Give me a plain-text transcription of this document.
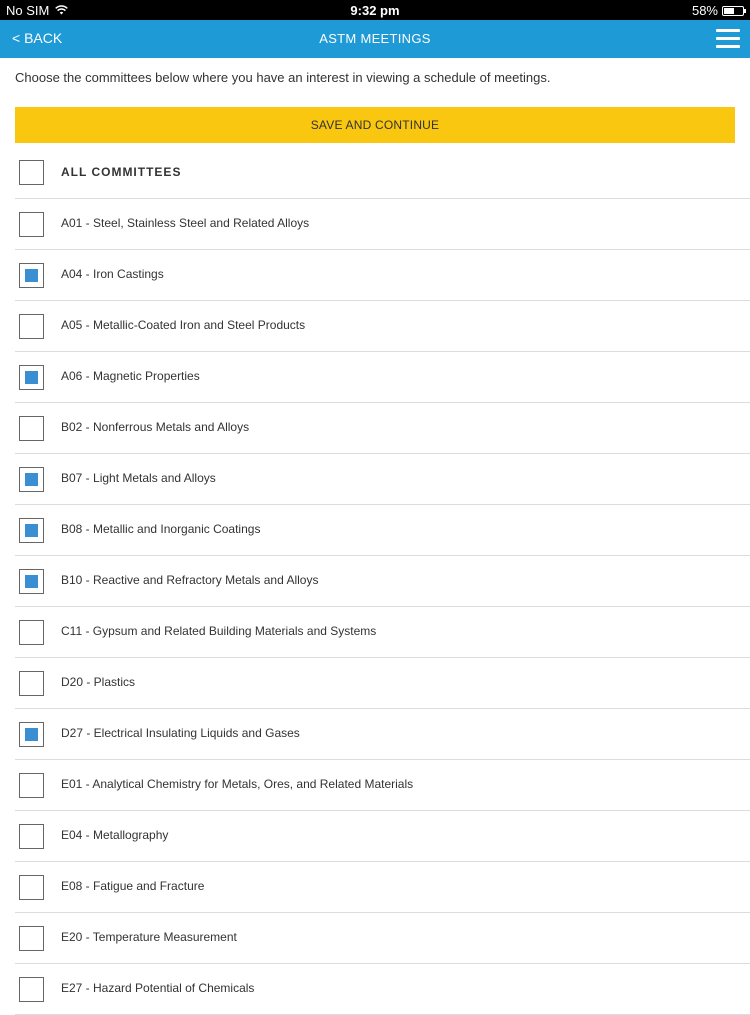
No SIM	9:32 pm	58%
< BACK	ASTM MEETINGS
Choose the committees below where you have an interest in viewing a schedule of meetings.
SAVE AND CONTINUE
ALL COMMITTEES
A01 - Steel, Stainless Steel and Related Alloys
A04 - Iron Castings
A05 - Metallic-Coated Iron and Steel Products
A06 - Magnetic Properties
B02 - Nonferrous Metals and Alloys
B07 - Light Metals and Alloys
B08 - Metallic and Inorganic Coatings
B10 - Reactive and Refractory Metals and Alloys
C11 - Gypsum and Related Building Materials and Systems
D20 - Plastics
D27 - Electrical Insulating Liquids and Gases
E01 - Analytical Chemistry for Metals, Ores, and Related Materials
E04 - Metallography
E08 - Fatigue and Fracture
E20 - Temperature Measurement
E27 - Hazard Potential of Chemicals
